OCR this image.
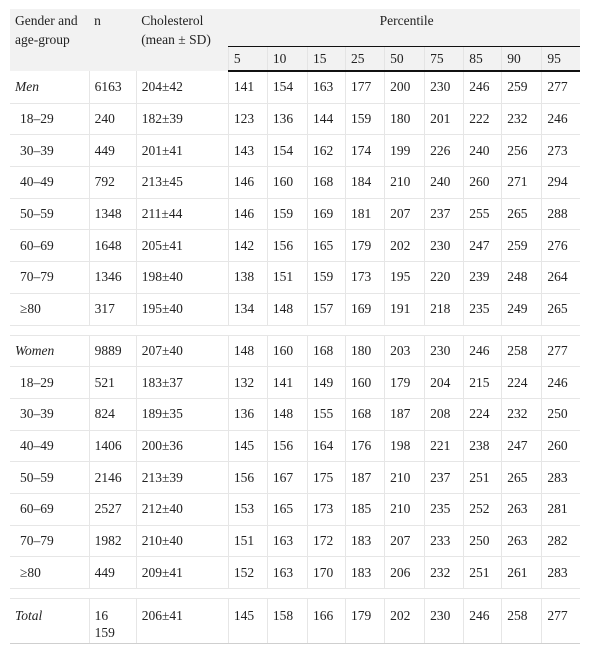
Gender and age-group	n	Cholesterol (mean ± SD)	Percentile								
			5	10	15	25	50	75	85	90	95
Men	6163	204±42	141	154	163	177	200	230	246	259	277
18–29	240	182±39	123	136	144	159	180	201	222	232	246
30–39	449	201±41	143	154	162	174	199	226	240	256	273
40–49	792	213±45	146	160	168	184	210	240	260	271	294
50–59	1348	211±44	146	159	169	181	207	237	255	265	288
60–69	1648	205±41	142	156	165	179	202	230	247	259	276
70–79	1346	198±40	138	151	159	173	195	220	239	248	264
≥80	317	195±40	134	148	157	169	191	218	235	249	265

Women	9889	207±40	148	160	168	180	203	230	246	258	277
18–29	521	183±37	132	141	149	160	179	204	215	224	246
30–39	824	189±35	136	148	155	168	187	208	224	232	250
40–49	1406	200±36	145	156	164	176	198	221	238	247	260
50–59	2146	213±39	156	167	175	187	210	237	251	265	283
60–69	2527	212±40	153	165	173	185	210	235	252	263	281
70–79	1982	210±40	151	163	172	183	207	233	250	263	282
≥80	449	209±41	152	163	170	183	206	232	251	261	283

Total	16 159	206±41	145	158	166	179	202	230	246	258	277
